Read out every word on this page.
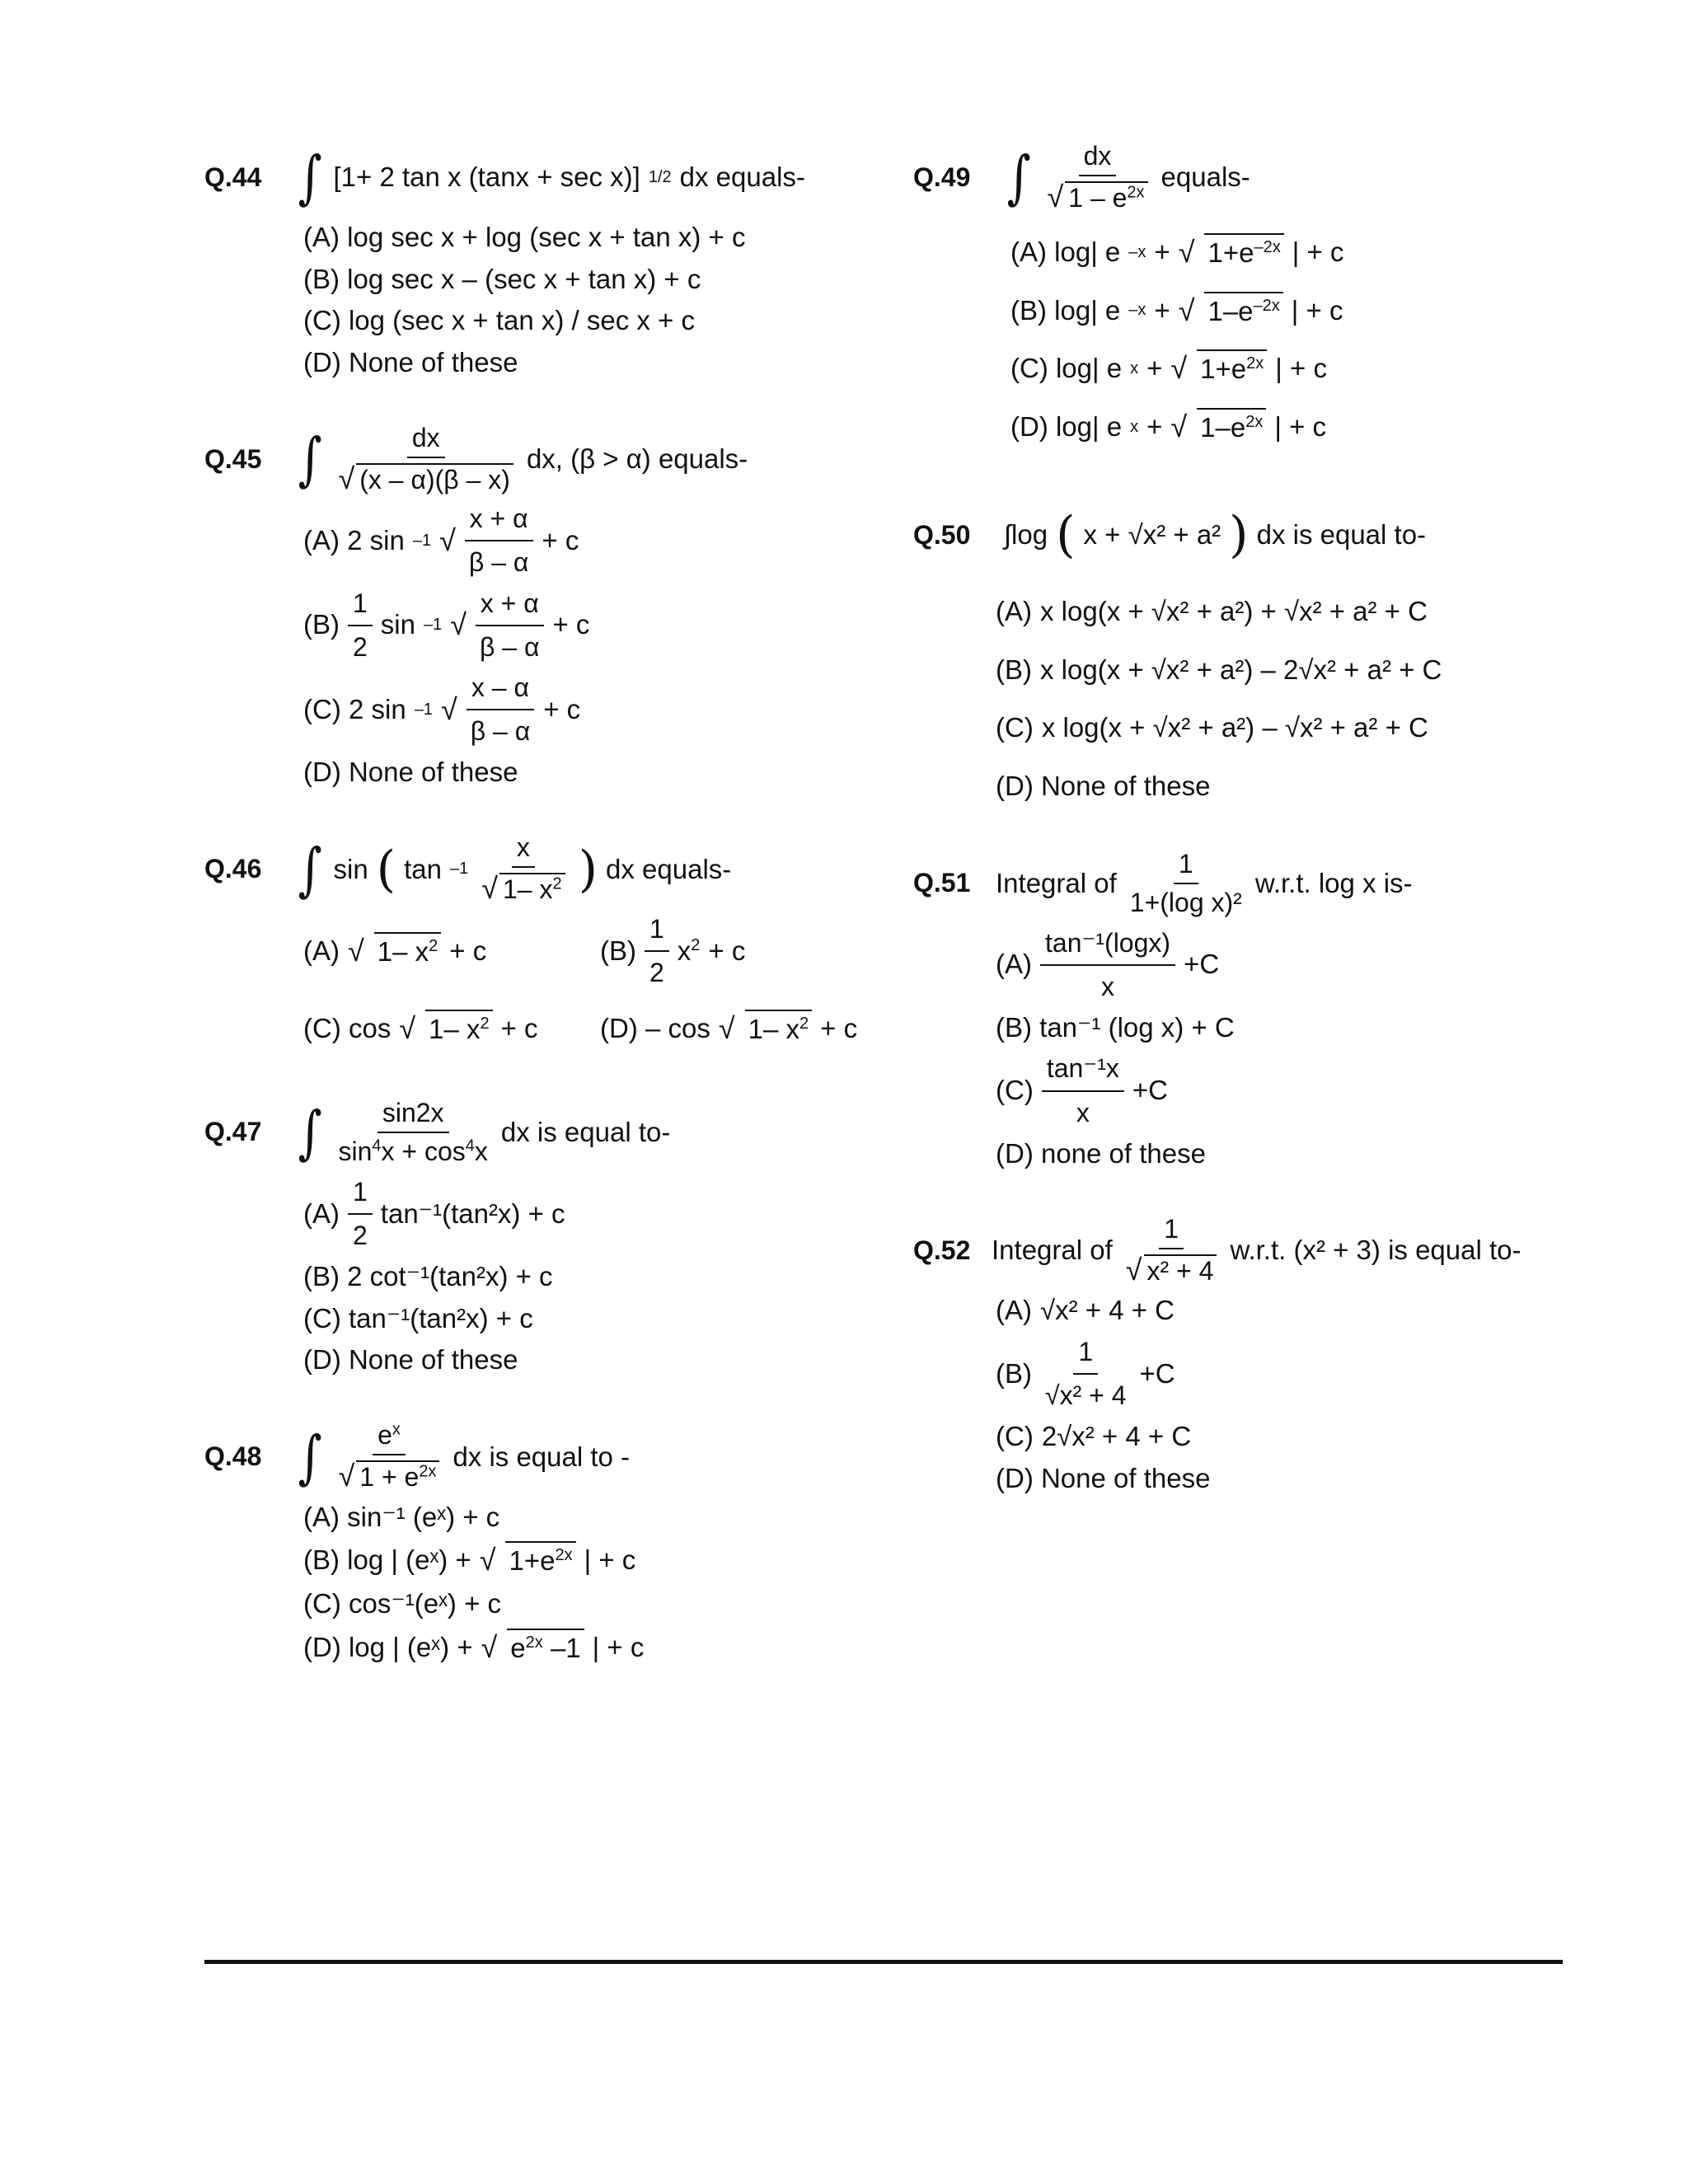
Q.44 ∫ [1+ 2 tan x (tanx + sec x)] 1/2 dx equals-
(A) log sec x + log (sec x + tan x) + c
(B) log sec x – (sec x + tan x) + c
(C) log (sec x + tan x) / sec x + c
(D) None of these
Q.45 ∫ dx
√ (x – α)(β – x) dx, (β > α) equals-
(A) 2 sin –1
√ $\frac{x + \alpha}{\beta - \alpha} + c$
$(B) \frac{1}{2}$ sin –1
√ $\frac{x + \alpha}{\beta - \alpha} + c$
(C) 2 sin –1
√ $\frac{x - \alpha}{\beta - \alpha} + c$
(D) None of these
Q.46 ∫ sin ( tan –1 x
√ 1– $x^2$ ) dx equals-
(A) √ 1– $x^2 + c$	$(B) \frac{1}{2} x^2 + c$
(C) cos √ 1– $x^2 + c$ (D) – cos √ 1– $x^2 + c$
Q.47 ∫ $\frac{\sin 2x}{\sin^4x + \cos^4x}$ dx is equal to-
$(A) \frac{1}{2} \tan^{-1}(\tan^2x) + c$
(B) 2 cot⁻¹(tan²x) + c
(C) tan⁻¹(tan²x) + c
(D) None of these
Q.48 ∫ $e^x$
√ $1 + e^{2x}$ dx is equal to -
(A) sin⁻¹ (eˣ) + c
(B) log | (eˣ) + √ $1+e^{2x}$ | + c
(C) cos⁻¹(eˣ) + c
(D) log | (eˣ) + √ $e^{2x}$ –1 | + c
Q.49 ∫ dx
√ $1 - e^{2x}$ equals-
(A) log| e –x + √ $1+e^{-2x}$ | + c
(B) log| e –x + √ $1-e^{-2x}$ | + c
(C) log| e x + √ $1+e^{2x}$ | + c
(D) log| e x + √ $1-e^{2x}$ | + c
Q.50	∫log ( x + √x² + a² ) dx is equal to-
(A) x log(x + √x² + a²) + √x² + a² + C
(B) x log(x + √x² + a²) – 2√x² + a² + C
(C) x log(x + √x² + a²) – √x² + a² + C
(D) None of these
Q.51 Integral of $\frac{1}{\text{1+(log x)²}} w.r.t$. log x is-
$(A) \frac{\text{tan⁻¹(logx)}}{x} +C$
(B) tan⁻¹ (log x) + C
$(C) \frac{\text{tan⁻¹x}}{x} +C$
(D) none of these
Q.52 Integral of 1
√ x² + 4 w.r.t. (x² + 3) is equal to-
(A) √x² + 4 + C
$(B) \frac{1}{\text{√x² + 4}} +C$
(C) 2√x² + 4 + C
(D) None of these
